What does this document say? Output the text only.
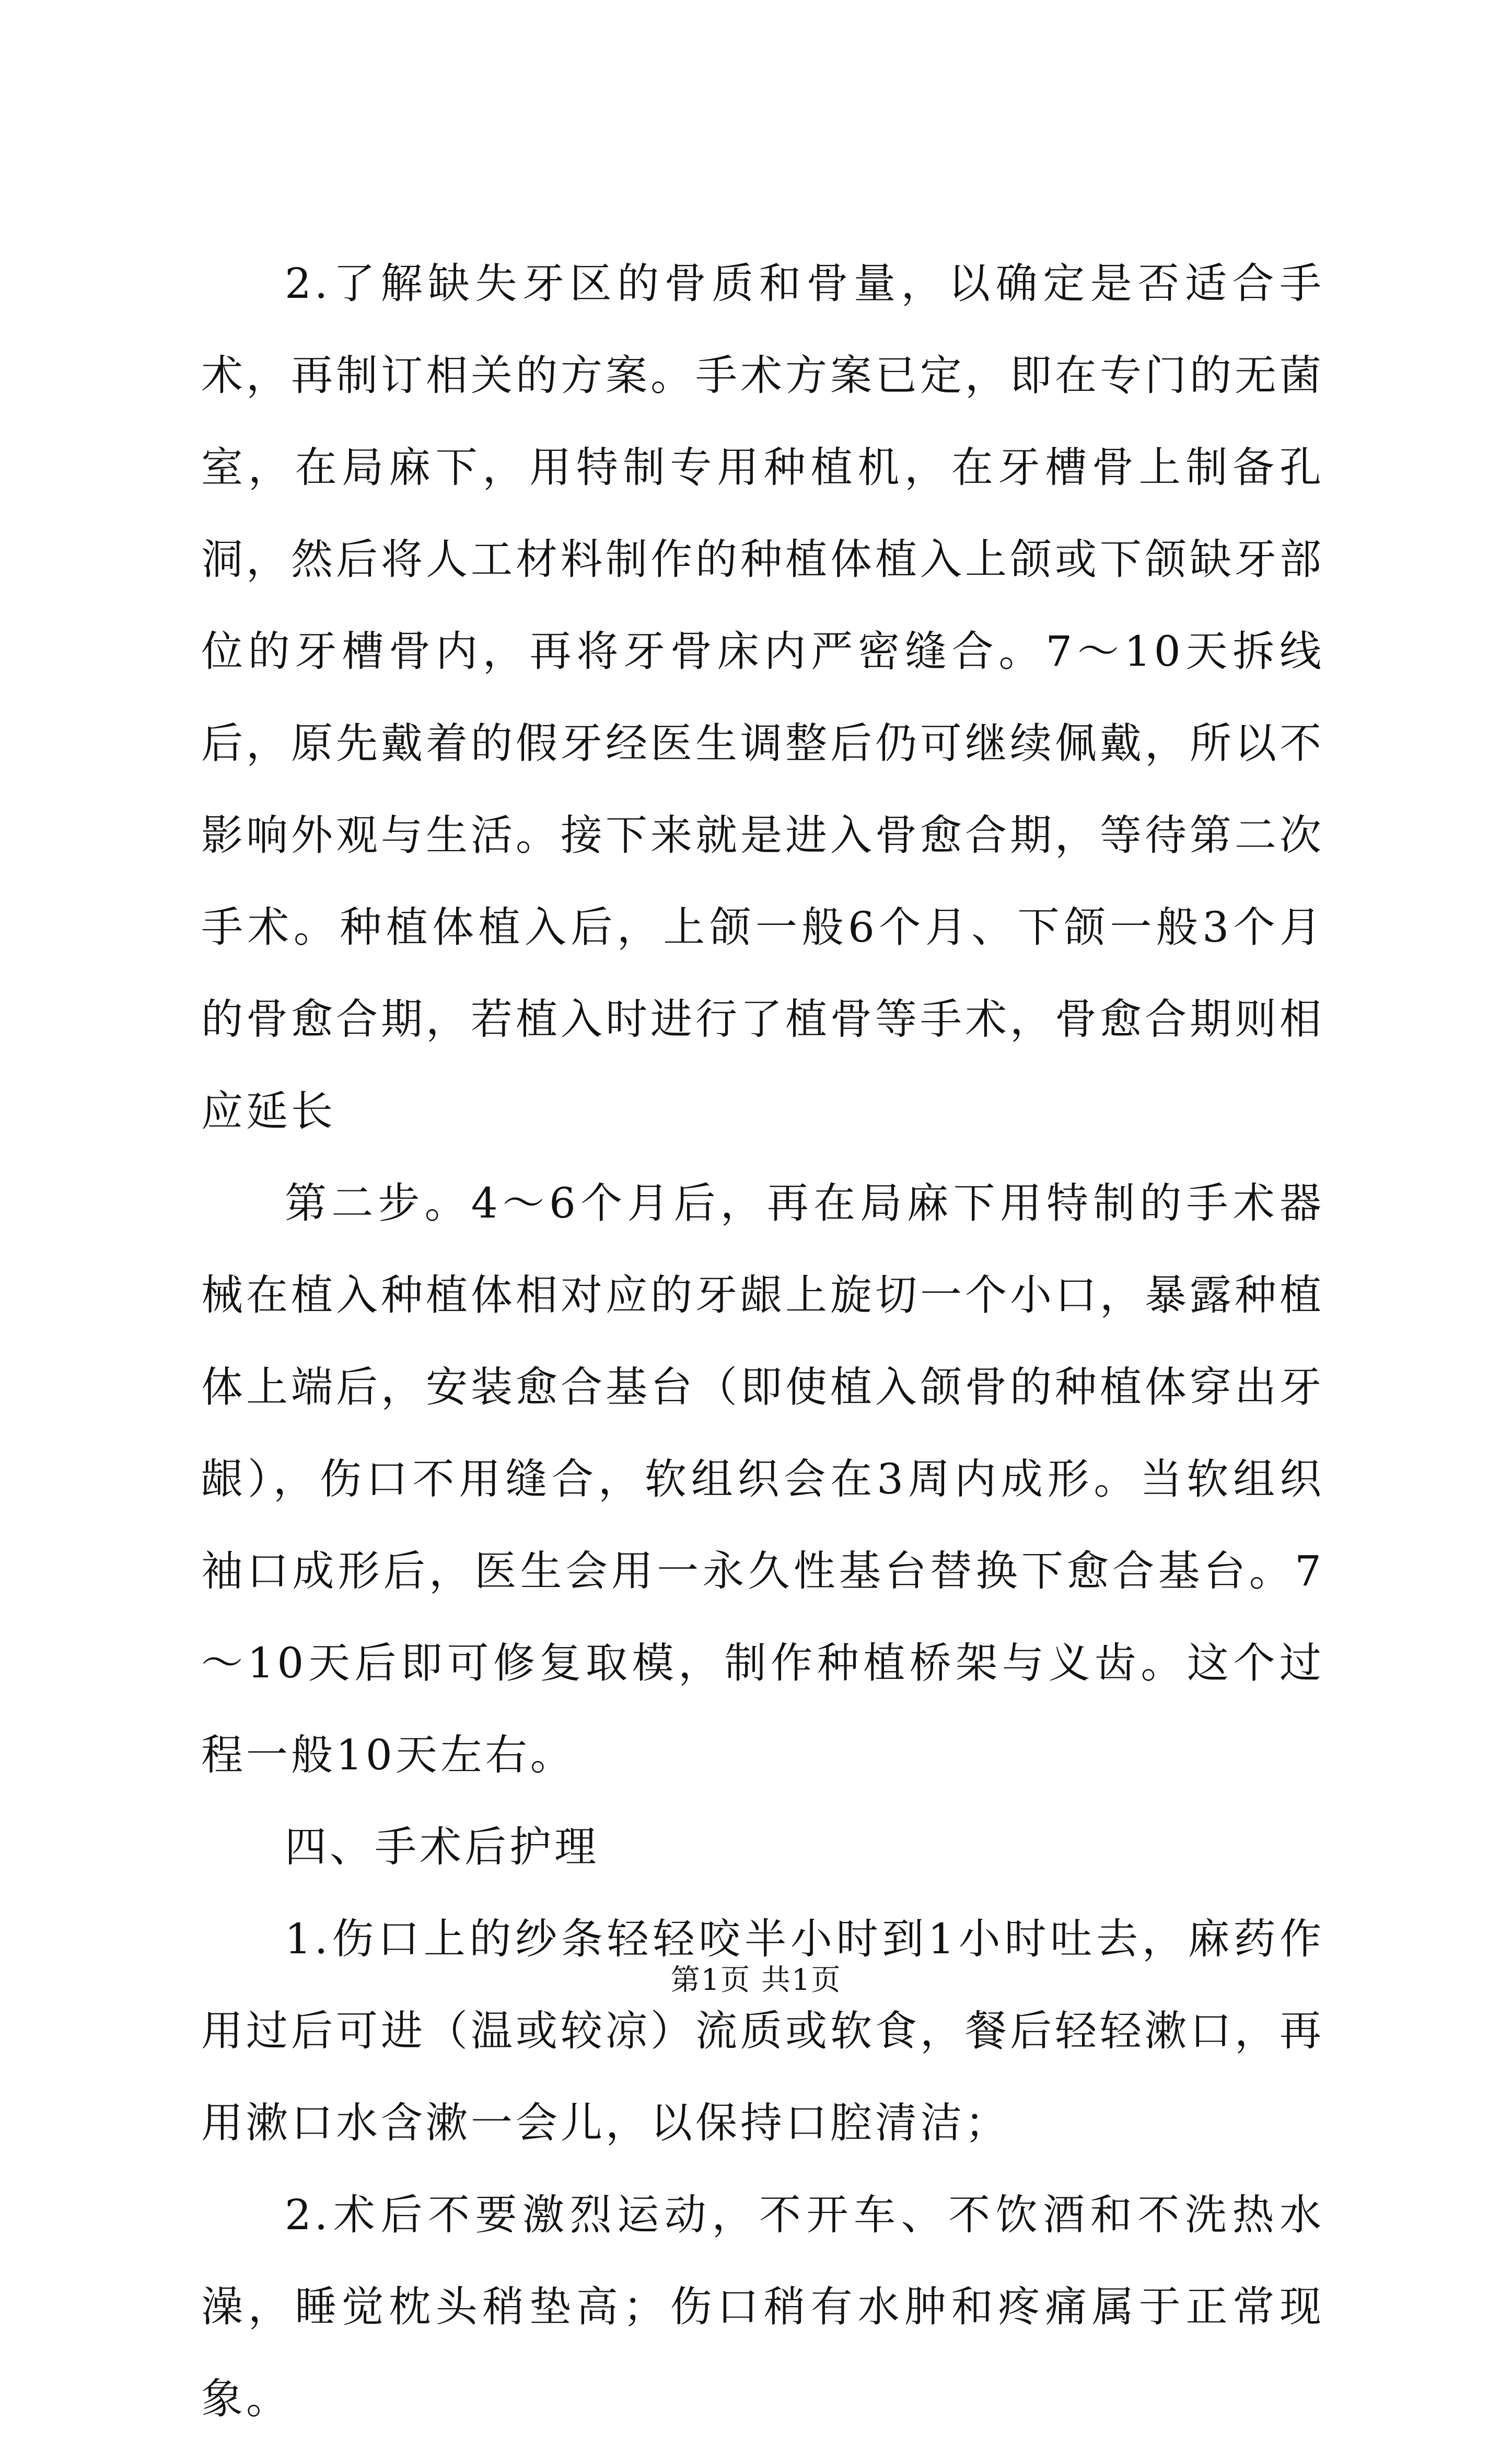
2.了解缺失牙区的骨质和骨量，以确定是否适合手术，再制订相关的方案。手术方案已定，即在专门的无菌室，在局麻下，用特制专用种植机，在牙槽骨上制备孔洞，然后将人工材料制作的种植体植入上颌或下颌缺牙部位的牙槽骨内，再将牙骨床内严密缝合。7～10天拆线后，原先戴着的假牙经医生调整后仍可继续佩戴，所以不影响外观与生活。接下来就是进入骨愈合期，等待第二次手术。种植体植入后，上颌一般6个月、下颌一般3个月的骨愈合期，若植入时进行了植骨等手术，骨愈合期则相应延长

第二步。4～6个月后，再在局麻下用特制的手术器械在植入种植体相对应的牙龈上旋切一个小口，暴露种植体上端后，安装愈合基台（即使植入颌骨的种植体穿出牙龈），伤口不用缝合，软组织会在3周内成形。当软组织袖口成形后，医生会用一永久性基台替换下愈合基台。7～10天后即可修复取模，制作种植桥架与义齿。这个过程一般10天左右。

四、手术后护理

1.伤口上的纱条轻轻咬半小时到1小时吐去，麻药作用过后可进（温或较凉）流质或软食，餐后轻轻漱口，再用漱口水含漱一会儿，以保持口腔清洁；

2.术后不要激烈运动，不开车、不饮酒和不洗热水澡，睡觉枕头稍垫高；伤口稍有水肿和疼痛属于正常现象。

第1页 共1页
